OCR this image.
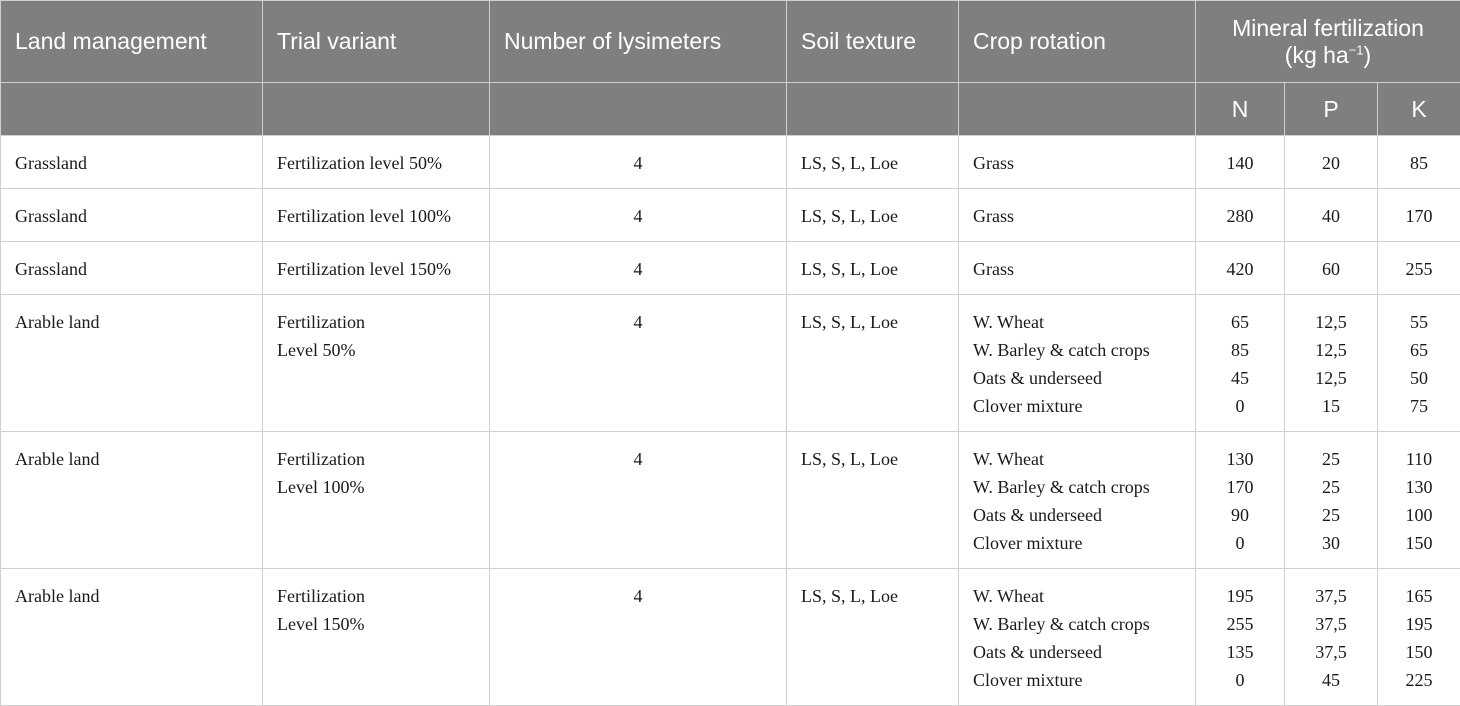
Land management	Trial variant	Number of lysimeters	Soil texture	Crop rotation	Mineral fertilization
(kg $ha^{-1}$)		
					N	P	K
Grassland	Fertilization level 50%	4	LS, S, L, Loe	Grass	140	20	85

Grassland	Fertilization level 100%	4	LS, S, L, Loe	Grass	280	40	170

Grassland	Fertilization level 150%	4	LS, S, L, Loe	Grass	420	60	255

Arable land	Fertilization
Level 50%	4	LS, S, L, Loe	W. Wheat
W. Barley & catch crops
Oats & underseed
Clover mixture	65
85
45
0	12,5
12,5
12,5
15	55
65
50
75

Arable land	Fertilization
Level 100%	4	LS, S, L, Loe	W. Wheat
W. Barley & catch crops
Oats & underseed
Clover mixture	130
170
90
0	25
25
25
30	110
130
100
150

Arable land	Fertilization
Level 150%	4	LS, S, L, Loe	W. Wheat
W. Barley & catch crops
Oats & underseed
Clover mixture	195
255
135
0	37,5
37,5
37,5
45	165
195
150
225
